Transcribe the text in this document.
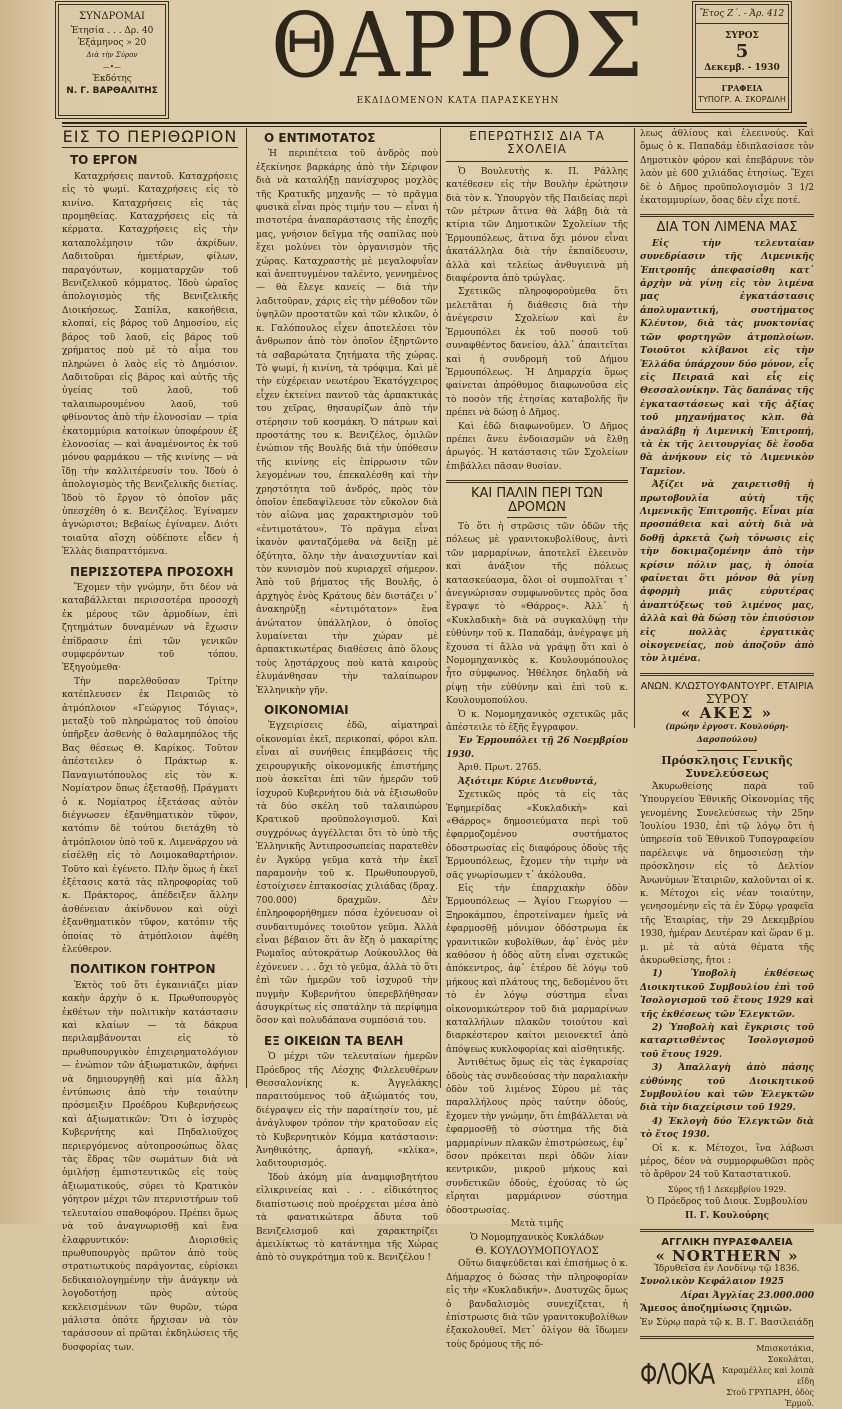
ΣΥΝΔΡΟΜΑΙ
Ἐτησία . . . Δρ. 40
Ἑξάμηνος » 20
Διὰ τὴν Σύρον
—•—
Ἐκδότης
Ν. Γ. ΒΑΡΘΑΛΙΤΗΣ ΘΑΡΡΟΣ
ΕΚΔΙΔΟΜΕΝΟΝ ΚΑΤΑ ΠΑΡΑΣΚΕΥΗΝ
Ἔτος Ζ΄. - Ἀρ. 412
ΣΥΡΟΣ
5
Δεκεμβ. - 1930
ΓΡΑΦΕΙΑ
ΤΥΠΟΓΡ. Α. ΣΚΟΡΔΙΛΗ
ΕΙΣ ΤΟ ΠΕΡΙΘΩΡΙΟΝ
ΤΟ ΕΡΓΟΝ

Καταχρήσεις παντοῦ. Καταχρήσεις εἰς τὸ ψωμί. Καταχρήσεις εἰς τὸ κινίνο. Καταχρήσεις εἰς τὰς προμηθείας. Καταχρήσεις εἰς τὰ κέρματα. Καταχρήσεις εἰς τὴν καταπολέμησιν τῶν ἀκρίδων. Λαδιτοῦραι ἡμετέρων, φίλων, παραγόντων, κομματαρχῶν τοῦ Βενιζελικοῦ κόμματος. Ἰδοὺ ὡραῖος ἀπολογισμὸς τῆς Βενιζελικῆς Διοικήσεως. Σαπίλα, κακοήθεια, κλοπαί, εἰς βάρος τοῦ Δημοσίου, εἰς βάρος τοῦ λαοῦ, εἰς βάρος τοῦ χρήματος ποὺ μὲ τὸ αἷμα του πληρώνει ὁ λαὸς εἰς τὸ Δημόσιον. Λαδιτοῦραι εἰς βάρος καὶ αὐτῆς τῆς ὑγείας τοῦ λαοῦ, τοῦ ταλαιπωρουμένου λαοῦ, τοῦ φθίνοντος ἀπὸ τὴν ἑλονοσίαν — τρία ἑκατομμύρια κατοίκων ὑποφέρουν ἐξ ἑλονοσίας — καὶ ἀναμένοντος ἐκ τοῦ μόνου φαρμάκου — τῆς κινίνης — νὰ ἴδῃ τὴν καλλιτέρευσίν του. Ἰδοὺ ὁ ἀπολογισμὸς τῆς Βενιζελικῆς διετίας. Ἰδοὺ τὸ ἔργον τὸ ὁποῖον μᾶς ὑπεσχέθη ὁ κ. Βενιζέλος. Ἐγίναμεν ἀγνώριστοι; Βεβαίως ἐγίναμεν. Διότι τοιαῦτα αἴσχη οὐδέποτε εἶδεν ἡ Ἑλλὰς διαπραττόμενα.

ΠΕΡΙΣΣΟΤΕΡΑ ΠΡΟΣΟΧΗ

Ἔχομεν τὴν γνώμην, ὅτι δέον νὰ καταβάλλεται περισσοτέρα προσοχὴ ἐκ μέρους τῶν ἁρμοδίων, ἐπὶ ζητημάτων δυναμένων νὰ ἔχωσιν ἐπίδρασιν ἐπὶ τῶν γενικῶν συμφερόντων τοῦ τόπου. Ἐξηγούμεθα·

Τὴν παρελθοῦσαν Τρίτην κατέπλευσεν ἐκ Πειραιῶς τὸ ἀτμόπλοιον «Γεώργιος Τόγιας», μεταξὺ τοῦ πληρώματος τοῦ ὁποίου ὑπῆρξεν ἀσθενὴς ὁ θαλαμηπόλος τῆς Βας θέσεως Θ. Καρίκος. Τοῦτον ἀπέστειλεν ὁ Πράκτωρ κ. Παναγιωτόπουλος εἰς τὸν κ. Νομίατρον ὅπως ἐξετασθῇ. Πράγματι ὁ κ. Νομίατρος ἐξετάσας αὐτὸν διέγνωσεν ἐξανθηματικὸν τῦφον, κατόπιν δὲ τούτου διετάχθη τὸ ἀτμόπλοιον ὑπὸ τοῦ κ. Λιμενάρχου νὰ εἰσέλθῃ εἰς τὸ Λοιμοκαθαρτήριον. Τοῦτο καὶ ἐγένετο. Πλὴν ὅμως ἡ ἐκεῖ ἐξέτασις κατὰ τὰς πληροφορίας τοῦ κ. Πράκτορος, ἀπέδειξεν ἄλλην ἀσθένειαν ἀκίνδυνον καὶ οὐχὶ ἐξανθηματικὸν τῦφον, κατόπιν τῆς ὁποίας τὸ ἀτμόπλοιον ἀφέθη ἐλεύθερον.

ΠΟΛΙΤΙΚΟΝ ΓΟΗΤΡΟΝ

Ἐκτὸς τοῦ ὅτι ἐγκαινιάζει μίαν κακὴν ἀρχὴν ὁ κ. Πρωθυπουργὸς ἐκθέτων τὴν πολιτικὴν κατάστασιν καὶ κλαίων — τὰ δάκρυα περιλαμβάνονται εἰς τὸ πρωθυπουργικὸν ἐπιχειρηματολόγιον — ἐνώπιον τῶν ἀξιωματικῶν, ἀφήνει νὰ δημιουργηθῇ καὶ μία ἄλλη ἐντύπωσις ἀπὸ τὴν τοιαύτην πρόσμειξιν Προέδρου Κυβερνήσεως καὶ ἀξιωματικῶν: Ὅτι ὁ ἰσχυρὸς Κυβερνήτης καὶ Πηδαλιοῦχος περιεργόμενος αὐτοπροσώπως ὅλας τὰς ἕδρας τῶν σωμάτων διὰ νὰ ὁμιλήσῃ ἐμπιστευτικῶς εἰς τοὺς ἀξιωματικούς, σύρει τὸ Κρατικὸν γόητρον μέχρι τῶν πτερνιστήρων τοῦ τελευταίου σπαθοφόρου. Πρέπει ὅμως νὰ τοῦ ἀναγνωρισθῇ καὶ ἕνα ἐλαφρυντικόν: Διορισθεὶς πρωθυπουργὸς πρῶτον ἀπὸ τοὺς στρατιωτικοὺς παράγοντας, εὑρίσκει δεδικαιολογημένην τὴν ἀνάγκην νὰ λογοδοτήσῃ πρὸς αὐτοὺς κεκλεισμένων τῶν θυρῶν, τώρα μάλιστα ὁπότε ἤρχισαν νὰ τὸν ταράσσουν αἱ πρῶται ἐκδηλώσεις τῆς δυσφορίας των.

Ο ΕΝΤΙΜΟΤΑΤΟΣ

Ἡ περιπέτεια τοῦ ἀνδρὸς ποὺ ἐξεκίνησε βαρκάρης ἀπὸ τὴν Σέριφον διὰ νὰ καταλήξῃ πανίσχυρος μοχλὸς τῆς Κρατικῆς μηχανῆς — τὸ πρᾶγμα φυσικὰ εἶναι πρὸς τιμήν του — εἶναι ἡ πιστοτέρα ἀναπαράστασις τῆς ἐποχῆς μας, γνήσιον δεῖγμα τῆς σαπίλας ποὺ ἔχει μολύνει τὸν ὀργανισμὸν τῆς χώρας. Καταχραστὴς μὲ μεγαλοφυΐαν καὶ ἀνεπτυγμένον ταλέντο, γεννημένος — θὰ ἔλεγε κανείς — διὰ τὴν λαδιτοῦραν, χάρις εἰς τὴν μέθοδον τῶν ὑψηλῶν προστατῶν καὶ τῶν κλικῶν, ὁ κ. Γαλόπουλος εἶχεν ἀποτελέσει τὸν ἄνθρωπον ἀπὸ τὸν ὁποῖον ἐξηρτῶντο τὰ σαβαρώτατα ζητήματα τῆς χώρας. Τὸ ψωμί, ἡ κινίνη, τὰ τρόφιμα. Καὶ μὲ τὴν εὐχέρειαν νεωτέρου Ἑκατόγχειρος εἶχεν ἐκτείνει παντοῦ τὰς ἁρπακτικάς του χεῖρας, θησαυρίζων ἀπὸ τὴν στέρησιν τοῦ κοσμάκη. Ὁ πάτρων καὶ προστάτης του κ. Βενιζέλος, ὁμιλῶν ἐνώπιον τῆς Βουλῆς διὰ τὴν ὑπόθεσιν τῆς κινίνης εἰς ἐπίρρωσιν τῶν λεγομένων του, ἐπεκαλέσθη καὶ τὴν χρηστότητα τοῦ ἀνδρός, πρὸς τὸν ὁποῖον ἐπεδαψίλευσε τὸν εὔκολον διὰ τὸν αἰῶνα μας χαρακτηρισμὸν τοῦ «ἐντιμοτάτου». Τὸ πρᾶγμα εἶναι ἱκανὸν φανταζόμεθα νὰ δείξῃ μὲ ὀξύτητα, ὅλην τὴν ἀναισχυντίαν καὶ τὸν κυνισμὸν ποὺ κυριαρχεῖ σήμερον. Ἀπὸ τοῦ βήματος τῆς Βουλῆς, ὁ ἀρχηγὸς ἑνὸς Κράτους δὲν διστάζει ν᾽ ἀνακηρύξῃ «ἐντιμότατον» ἕνα ἀνώτατον ὑπάλληλον, ὁ ὁποῖος λυμαίνεται τὴν χώραν μὲ ἁρπακτικωτέρας διαθέσεις ἀπὸ ὅλους τοὺς λῃστάρχους ποὺ κατὰ καιροὺς ἐλυμάνθησαν τὴν ταλαίπωρον Ἑλληνικὴν γῆν.

ΟΙΚΟΝΟΜΙΑΙ

Ἐγχειρίσεις ἐδῶ, αἱματηραὶ οἰκονομίαι ἐκεῖ, περικοπαί, φόροι κλπ. εἶναι αἱ συνήθεις ἐπεμβάσεις τῆς χειρουργικῆς οἰκονομικῆς ἐπιστήμης ποὺ ἀσκεῖται ἐπὶ τῶν ἡμερῶν τοῦ ἰσχυροῦ Κυβερνήτου διὰ νὰ ἐξισωθοῦν τὰ δύο σκέλη τοῦ ταλαιπώρου Κρατικοῦ προϋπολογισμοῦ. Καὶ συγχρόνως ἀγγέλλεται ὅτι τὸ ὑπὸ τῆς Ἑλληνικῆς Ἀντιπροσωπείας παρατεθὲν ἐν Ἀγκύρᾳ γεῦμα κατὰ τὴν ἐκεῖ παραμονὴν τοῦ κ. Πρωθυπουργοῦ, ἐστοίχισεν ἑπτακοσίας χιλιάδας (δραχ. 700.000) δραχμῶν. Δὲν ἐπληροφορήθημεν πόσα ἐχόνευσαν οἱ συνδαιτυμόνες τοιοῦτον γεῦμα. Ἀλλὰ εἶναι βέβαιον ὅτι ἂν ἔζη ὁ μακαρίτης Ρωμαῖος αὐτοκράτωρ Λούκουλλος θὰ ἐχόνευεν . . . ὄχι τὸ γεῦμα, ἀλλὰ τὸ ὅτι ἐπὶ τῶν ἡμερῶν τοῦ ἰσχυροῦ τὴν πυγμὴν Κυβερνήτου ὑπερεβλήθησαν ἀσυγκρίτως εἰς σπατάλην τὰ περίφημα ὅσον καὶ πολυδάπανα συμπόσιά του.

ΕΞ ΟΙΚΕΙΩΝ ΤΑ ΒΕΛΗ

Ὁ μέχρι τῶν τελευταίων ἡμερῶν Πρόεδρος τῆς Λέσχης Φιλελευθέρων Θεσσαλονίκης κ. Ἀγγελάκης παραιτούμενος τοῦ ἀξιώματός του, διέγραψεν εἰς τὴν παραίτησίν του, μὲ ἀνάγλυφον τρόπον τὴν κρατοῦσαν εἰς τὸ Κυβερνητικὸν Κόμμα κατάστασιν: Ἀνηθικότης, ἁρπαγή, «κλίκα», λαδιτουρισμός.

Ἰδοὺ ἀκόμη μία ἀναμφισβητήτου εἰλικρινείας καὶ . . . εἰδικότητος διαπίστωσις ποὺ προέρχεται μέσα ἀπὸ τὰ φανατικώτερα ἄδυτα τοῦ Βενιζελισμοῦ καὶ χαρακτηρίζει ἀμειλίκτως τὸ κατάντημα τῆς Χώρας ἀπὸ τὸ συγκρότημα τοῦ κ. Βενιζέλου !

ΕΠΕΡΩΤΗΣΙΣ ΔΙΑ ΤΑ ΣΧΟΛΕΙΑ

Ὁ Βουλευτὴς κ. Π. Ράλλης κατέθεσεν εἰς τὴν Βουλὴν ἐρώτησιν διὰ τὸν κ. Ὑπουργὸν τῆς Παιδείας περὶ τῶν μέτρων ἅτινα θὰ λάβῃ διὰ τὰ κτίρια τῶν Δημοτικῶν Σχολείων τῆς Ἑρμουπόλεως, ἅτινα ὄχι μόνον εἶναι ἀκατάλληλα διὰ τὴν ἐκπαίδευσιν, ἀλλὰ καὶ τελείως ἀνθυγιεινὰ μὴ διαφέροντα ἀπὸ τρώγλας.

Σχετικῶς πληροφορούμεθα ὅτι μελετᾶται ἡ διάθεσις διὰ τὴν ἀνέγερσιν Σχολείων καὶ ἐν Ἑρμουπόλει ἐκ τοῦ ποσοῦ τοῦ συναφθέντος δανείου, ἀλλ᾽ ἀπαιτεῖται καὶ ἡ συνδρομὴ τοῦ Δήμου Ἑρμουπόλεως. Ἡ Δημαρχία ὅμως φαίνεται ἀπρόθυμος διαφωνοῦσα εἰς τὸ ποσὸν τῆς ἐτησίας καταβολῆς ἣν πρέπει νὰ δώσῃ ὁ Δῆμος.

Καὶ ἐδῶ διαφωνοῦμεν. Ὁ Δῆμος πρέπει ἄνευ ἐνδοιασμῶν νὰ ἔλθῃ ἀρωγός. Ἡ κατάστασις τῶν Σχολείων ἐπιβάλλει πᾶσαν θυσίαν.

ΚΑΙ ΠΑΛΙΝ ΠΕΡΙ ΤΩΝ ΔΡΟΜΩΝ

Τὸ ὅτι ἡ στρῶσις τῶν ὁδῶν τῆς πόλεως μὲ γρανιτοκυβολίθους, ἀντὶ τῶν μαρμαρίνων, ἀποτελεῖ ἐλεεινὸν καὶ ἀνάξιον τῆς πόλεως κατασκεύασμα, ὅλοι οἱ συμπολῖται τ᾽ ἀνεγνώρισαν συμφωνοῦντες πρὸς ὅσα ἔγραψε τὸ «Θάρρος». Ἀλλ᾽ ἡ «Κυκλαδικὴ» διὰ νὰ συγκαλύψῃ τὴν εὐθύνην τοῦ κ. Παπαδάμ, ἀνέγραψε μὴ ἔχουσα τί ἄλλο νὰ γράψῃ ὅτι καὶ ὁ Νομομηχανικὸς κ. Κουλουμόπουλος ἦτο σύμφωνος. Ἠθέλησε δηλαδὴ νὰ ρίψῃ τὴν εὐθύνην καὶ ἐπὶ τοῦ κ. Κουλουμοπούλου.

Ὁ κ. Νομομηχανικὸς σχετικῶς μᾶς ἀπέστειλε τὸ ἑξῆς ἔγγραφον.

Ἐν Ἑρμουπόλει τῇ 26 Νοεμβρίου 1930.

Ἀριθ. Πρωτ. 2765.

Ἀξιότιμε Κύριε Διευθυντά,

Σχετικῶς πρὸς τὰ εἰς τὰς Ἐφημερίδας «Κυκλαδικὴ» καὶ «Θάρρος» δημοσιεύματα περὶ τοῦ ἐφαρμοζομένου συστήματος ὁδοστρωσίας εἰς διαφόρους ὁδοὺς τῆς Ἑρμουπόλεως, ἔχομεν τὴν τιμὴν νὰ σᾶς γνωρίσωμεν τ᾽ ἀκόλουθα.

Εἰς τὴν ἐπαρχιακὴν ὁδὸν Ἑρμουπόλεως — Ἁγίου Γεωργίου — Ξηροκάμπου, ἐπροτείναμεν ἡμεῖς νὰ ἐφαρμοσθῇ μόνιμον ὁδόστρωμα ἐκ γρανιτικῶν κυβολίθων, ἀφ᾽ ἑνὸς μὲν καθόσον ἡ ὁδὸς αὕτη εἶναι σχετικῶς ἀπόκεντρος, ἀφ᾽ ἑτέρου δὲ λόγῳ τοῦ μήκους καὶ πλάτους της, δεδομένου ὅτι τὸ ἐν λόγῳ σύστημα εἶναι οἰκονομικώτερον τοῦ διὰ μαρμαρίνων καταλλήλων πλακῶν τοιούτου καὶ διαρκέστερον καίτοι μειονεκτεῖ ἀπὸ ἀπόψεως κυκλοφορίας καὶ αἰσθητικῆς.

Ἀντιθέτως ὅμως εἰς τὰς ἐγκαρσίας ὁδοὺς τὰς συνδεούσας τὴν παραλιακὴν ὁδὸν τοῦ λιμένος Σύρου μὲ τὰς παραλλήλους πρὸς ταύτην ὁδούς, ἔχομεν τὴν γνώμην, ὅτι ἐπιβάλλεται νὰ ἐφαρμοσθῇ τὸ σύστημα τῆς διὰ μαρμαρίνων πλακῶν ἐπιστρώσεως, ἐφ᾽ ὅσον πρόκειται περὶ ὁδῶν λίαν κεντρικῶν, μικροῦ μήκους καὶ συνδετικῶν ὁδούς, ἐχούσας τὸ ὡς εἴρηται μαρμάρινον σύστημα ὁδοστρωσίας.

Μετὰ τιμῆς

Ὁ Νομομηχανικὸς Κυκλάδων

Θ. ΚΟΥΛΟΥΜΟΠΟΥΛΟΣ

Οὕτω διαψεύδεται καὶ ἐπισήμως ὁ κ. Δήμαρχος ὁ δώσας τὴν πληροφορίαν εἰς τὴν «Κυκλαδικήν». Δυστυχῶς ὅμως ὁ βανδαλισμὸς συνεχίζεται, ἡ ἐπίστρωσις διὰ τῶν γρανιτοκυβολίθων ἐξακολουθεῖ. Μετ᾽ ὀλίγον θὰ ἴδωμεν τοὺς δρόμους τῆς πό-

λεως ἀθλίους καὶ ἐλεεινούς. Καὶ ὅμως ὁ κ. Παπαδάμ ἐδιπλασίασε τὸν Δημοτικὸν φόρον καὶ ἐπεβάρυνε τὸν λαὸν μὲ 600 χιλιάδας ἐτησίως. Ἔχει δὲ ὁ Δῆμος προϋπολογισμὸν 3 1/2 ἑκατομμυρίων, ὅσας δὲν εἶχε ποτέ.

ΔΙΑ ΤΟΝ ΛΙΜΕΝΑ ΜΑΣ

Εἰς τὴν τελευταίαν συνεδρίασιν τῆς Λιμενικῆς Ἐπιτροπῆς ἀπεφασίσθη κατ᾽ ἀρχὴν νὰ γίνῃ εἰς τὸν λιμένα μας ἐγκατάστασις ἀπολυμαντική, συστήματος Κλέυτον, διὰ τὰς μυοκτονίας τῶν φορτηγῶν ἀτμοπλοίων. Τοιοῦτοι κλίβανοι εἰς τὴν Ἑλλάδα ὑπάρχουν δύο μόνον, εἷς εἰς Πειραιᾶ καὶ εἷς εἰς Θεσσαλονίκην. Τὰς δαπάνας τῆς ἐγκαταστάσεως καὶ τῆς ἀξίας τοῦ μηχανήματος κλπ. θὰ ἀναλάβῃ ἡ Λιμενικὴ Ἐπιτροπή, τὰ ἐκ τῆς λειτουργίας δὲ ἔσοδα θὰ ἀνήκουν εἰς τὸ Λιμενικὸν Ταμεῖον.

Ἀξίζει νὰ χαιρετισθῇ ἡ πρωτοβουλία αὐτὴ τῆς Λιμενικῆς Ἐπιτροπῆς. Εἶναι μία προσπάθεια καὶ αὐτὴ διὰ νὰ δοθῇ ἀρκετὰ ζωὴ τόνωσις εἰς τὴν δοκιμαζομένην ἀπὸ τὴν κρίσιν πόλιν μας, ἡ ὁποία φαίνεται ὅτι μόνον θὰ γίνῃ ἀφορμὴ μιᾶς εὐρυτέρας ἀναπτύξεως τοῦ λιμένος μας, ἀλλὰ καὶ θὰ δώσῃ τὸν ἐπιούσιον εἰς πολλὰς ἐργατικὰς οἰκογενείας, ποὺ ἀποζοῦν ἀπὸ τὸν λιμένα.

ΑΝΩΝ. ΚΛΩΣΤΟΥΦΑΝΤΟΥΡΓ. ΕΤΑΙΡΙΑ
ΣΥΡΟΥ
« ΑΚΕΣ »
(πρώην ἐργοστ. Κουλούρη-Δαρσπούλου)
Πρόσκλησις Γενικῆς Συνελεύσεως

Ἀκυρωθείσης παρὰ τοῦ Ὑπουργείου Ἐθνικῆς Οἰκονομίας τῆς γενομένης Συνελεύσεως τὴν 25ην Ἰουλίου 1930, ἐπὶ τῷ λόγῳ ὅτι ἡ ὑπηρεσία τοῦ Ἐθνικοῦ Τυπογραφείου παρέλειψε νὰ δημοσιεύσῃ τὴν πρόσκλησιν εἰς τὸ Δελτίον Ἀνωνύμων Ἑταιριῶν, καλοῦνται οἱ κ. κ. Μέτοχοι εἰς νέαν τοιαύτην, γενησομένην εἰς τὰ ἐν Σύρῳ γραφεῖα τῆς Ἑταιρίας, τὴν 29 Δεκεμβρίου 1930, ἡμέραν Δευτέραν καὶ ὥραν 6 μ. μ. μὲ τὰ αὐτὰ θέματα τῆς ἀκυρωθείσης, ἤτοι :

1) Ὑποβολὴ ἐκθέσεως Διοικητικοῦ Συμβουλίου ἐπὶ τοῦ Ἰσολογισμοῦ τοῦ ἔτους 1929 καὶ τῆς ἐκθέσεως τῶν Ἐλεγκτῶν.

2) Ὑποβολὴ καὶ ἔγκρισις τοῦ καταρτισθέντος Ἰσολογισμοῦ τοῦ ἔτους 1929.

3) Ἀπαλλαγὴ ἀπὸ πάσης εὐθύνης τοῦ Διοικητικοῦ Συμβουλίου καὶ τῶν Ἐλεγκτῶν διὰ τὴν διαχείρισιν τοῦ 1929.

4) Ἐκλογὴ δύο Ἐλεγκτῶν διὰ τὸ ἔτος 1930.

Οἱ κ. κ. Μέτοχοι, ἵνα λάβωσι μέρος, δέον νὰ συμμορφωθῶσι πρὸς τὸ ἄρθρον 24 τοῦ Καταστατικοῦ.

Σύρος τῇ 1 Δεκεμβρίου 1929.

Ὁ Πρόεδρος τοῦ Διοικ. Συμβουλίου

Π. Γ. Κουλούρης

ΑΓΓΛΙΚΗ ΠΥΡΑΣΦΑΛΕΙΑ
« NORTHERN »

Ἱδρυθεῖσα ἐν Λονδίνῳ τῷ 1836.

Συνολικὸν Κεφάλαιον 1925

Λίραι Ἀγγλίας 23.000.000

Ἄμεσος ἀποζημίωσις ζημιῶν.

Ἐν Σύρῳ παρὰ τῷ κ. Β. Γ. Βασιλειάδῃ

ΦΛΟΚΑ
Μπισκοτάκια, Σοκολάται,
Καραμέλλες καὶ λοιπὰ εἴδη
Στοῦ ΓΡΥΠΑΡΗ, ὁδὸς Ἑρμοῦ.
